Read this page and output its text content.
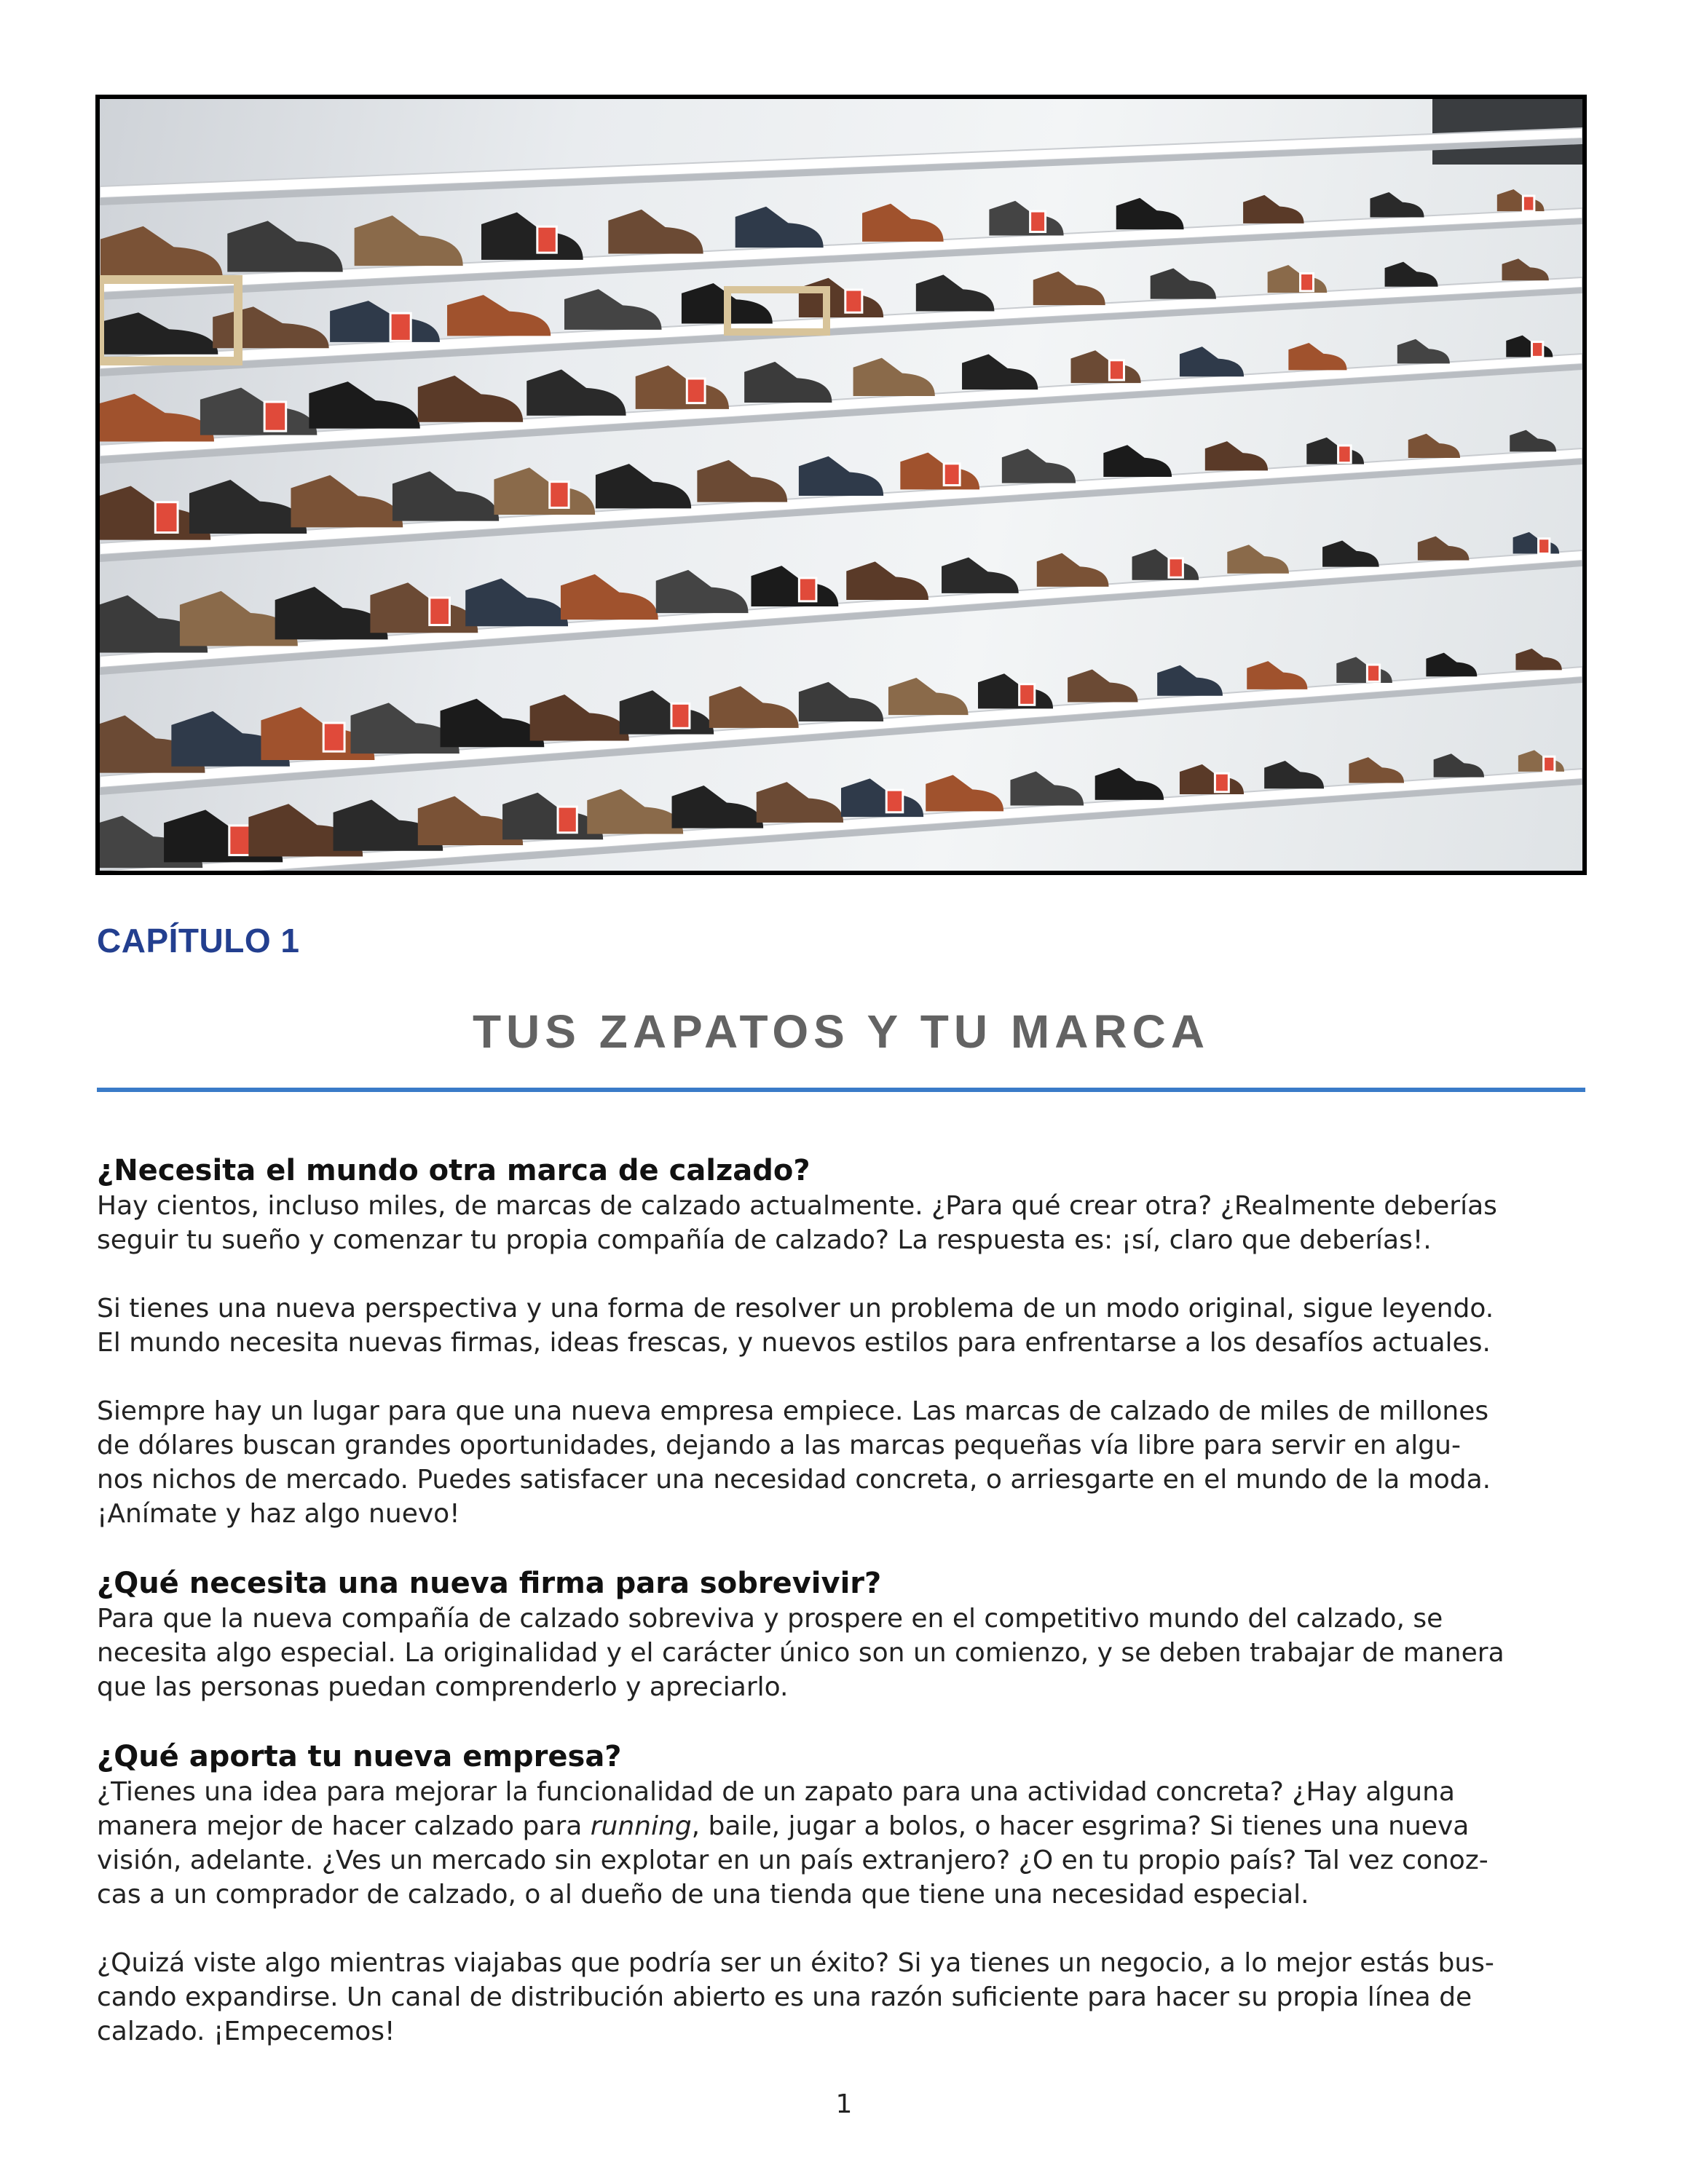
CAPÍTULO 1
TUS ZAPATOS Y TU MARCA
¿Necesita el mundo otra marca de calzado?

Hay cientos, incluso miles, de marcas de calzado actualmente. ¿Para qué crear otra? ¿Realmente deberías

seguir tu sueño y comenzar tu propia compañía de calzado? La respuesta es: ¡sí, claro que deberías!.

Si tienes una nueva perspectiva y una forma de resolver un problema de un modo original, sigue leyendo.

El mundo necesita nuevas firmas, ideas frescas, y nuevos estilos para enfrentarse a los desafíos actuales.

Siempre hay un lugar para que una nueva empresa empiece. Las marcas de calzado de miles de millones

de dólares buscan grandes oportunidades, dejando a las marcas pequeñas vía libre para servir en algu-

nos nichos de mercado. Puedes satisfacer una necesidad concreta, o arriesgarte en el mundo de la moda.

¡Anímate y haz algo nuevo!

¿Qué necesita una nueva firma para sobrevivir?

Para que la nueva compañía de calzado sobreviva y prospere en el competitivo mundo del calzado, se

necesita algo especial. La originalidad y el carácter único son un comienzo, y se deben trabajar de manera

que las personas puedan comprenderlo y apreciarlo.

¿Qué aporta tu nueva empresa?

¿Tienes una idea para mejorar la funcionalidad de un zapato para una actividad concreta? ¿Hay alguna

manera mejor de hacer calzado para running, baile, jugar a bolos, o hacer esgrima? Si tienes una nueva

visión, adelante. ¿Ves un mercado sin explotar en un país extranjero? ¿O en tu propio país? Tal vez conoz-

cas a un comprador de calzado, o al dueño de una tienda que tiene una necesidad especial.

¿Quizá viste algo mientras viajabas que podría ser un éxito? Si ya tienes un negocio, a lo mejor estás bus-

cando expandirse. Un canal de distribución abierto es una razón suficiente para hacer su propia línea de

calzado. ¡Empecemos!

1
